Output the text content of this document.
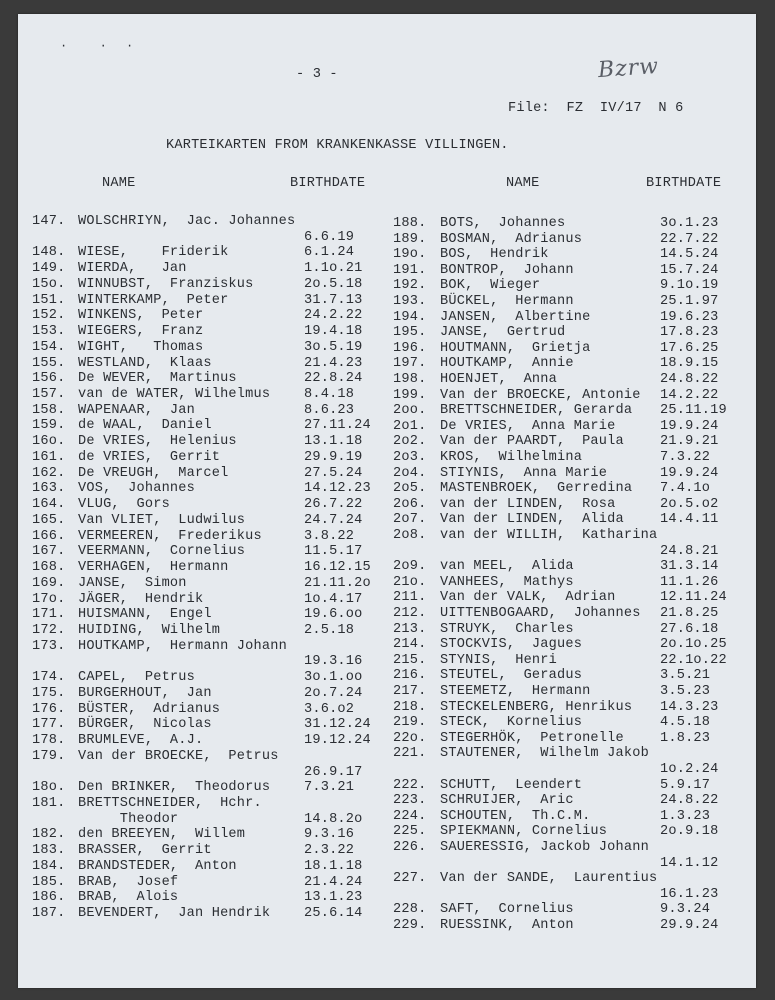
·  · ·
- 3 -	Bzrw
File:  FZ  IV/17  N 6
KARTEIKARTEN FROM KRANKENKASSE VILLINGEN.
NAME	BIRTHDATE	NAME	BIRTHDATE
147. WOLSCHRIYN,  Jac. Johannes
6.6.19
148. WIESE,    Friderik	6.1.24
149. WIERDA,   Jan	1.1o.21
15o. WINNUBST,  Franziskus	2o.5.18
151. WINTERKAMP,  Peter	31.7.13
152. WINKENS,  Peter	24.2.22
153. WIEGERS,  Franz	19.4.18
154. WIGHT,   Thomas	3o.5.19
155. WESTLAND,  Klaas	21.4.23
156. De WEVER,  Martinus	22.8.24
157. van de WATER, Wilhelmus 8.4.18
158. WAPENAAR,  Jan	8.6.23
159. de WAAL,  Daniel	27.11.24
16o. De VRIES,  Helenius	13.1.18
161. de VRIES,  Gerrit	29.9.19
162. De VREUGH,  Marcel	27.5.24
163. VOS,  Johannes	14.12.23
164. VLUG,  Gors	26.7.22
165. Van VLIET,  Ludwilus	24.7.24
166. VERMEEREN,  Frederikus	3.8.22
167. VEERMANN,  Cornelius	11.5.17
168. VERHAGEN,  Hermann	16.12.15
169. JANSE,  Simon	21.11.2o
17o. JÄGER,  Hendrik	1o.4.17
171. HUISMANN,  Engel	19.6.oo
172. HUIDING,  Wilhelm	2.5.18
173. HOUTKAMP,  Hermann Johann
19.3.16
174. CAPEL,  Petrus	3o.1.oo
175. BURGERHOUT,  Jan	2o.7.24
176. BÜSTER,  Adrianus	3.6.o2
177. BÜRGER,  Nicolas	31.12.24
178. BRUMLEVE,  A.J.	19.12.24
179. Van der BROECKE,  Petrus
26.9.17
18o. Den BRINKER,  Theodorus 7.3.21
181. BRETTSCHNEIDER,  Hchr.
Theodor	14.8.2o
182. den BREEYEN,  Willem	9.3.16
183. BRASSER,  Gerrit	2.3.22
184. BRANDSTEDER,  Anton	18.1.18
185. BRAB,  Josef	21.4.24
186. BRAB,  Alois	13.1.23
187. BEVENDERT,  Jan Hendrik 25.6.14
188. BOTS,  Johannes	3o.1.23
189. BOSMAN,  Adrianus	22.7.22
19o. BOS,  Hendrik	14.5.24
191. BONTROP,  Johann	15.7.24
192. BOK,  Wieger	9.1o.19
193. BÜCKEL,  Hermann	25.1.97
194. JANSEN,  Albertine	19.6.23
195. JANSE,  Gertrud	17.8.23
196. HOUTMANN,  Grietja	17.6.25
197. HOUTKAMP,  Annie	18.9.15
198. HOENJET,  Anna	24.8.22
199. Van der BROECKE, Antonie 14.2.22
2oo. BRETTSCHNEIDER, Gerarda 25.11.19
2o1. De VRIES,  Anna Marie	19.9.24
2o2. Van der PAARDT,  Paula	21.9.21
2o3. KROS,  Wilhelmina	7.3.22
2o4. STIYNIS,  Anna Marie	19.9.24
2o5. MASTENBROEK,  Gerredina 7.4.1o
2o6. van der LINDEN,  Rosa	2o.5.o2
2o7. Van der LINDEN,  Alida	14.4.11
2o8. van der WILLIH,  Katharina
24.8.21
2o9. van MEEL,  Alida	31.3.14
21o. VANHEES,  Mathys	11.1.26
211. Van der VALK,  Adrian	12.11.24
212. UITTENBOGAARD,  Johannes 21.8.25
213. STRUYK,  Charles	27.6.18
214. STOCKVIS,  Jagues	2o.1o.25
215. STYNIS,  Henri	22.1o.22
216. STEUTEL,  Geradus	3.5.21
217. STEEMETZ,  Hermann	3.5.23
218. STECKELENBERG, Henrikus 14.3.23
219. STECK,  Kornelius	4.5.18
22o. STEGERHÖK,  Petronelle	1.8.23
221. STAUTENER,  Wilhelm Jakob
1o.2.24
222. SCHUTT,  Leendert	5.9.17
223. SCHRUIJER,  Aric	24.8.22
224. SCHOUTEN,  Th.C.M.	1.3.23
225. SPIEKMANN, Cornelius	2o.9.18
226. SAUERESSIG, Jackob Johann
14.1.12
227. Van der SANDE,  Laurentius
16.1.23
228. SAFT,  Cornelius	9.3.24
229. RUESSINK,  Anton	29.9.24
